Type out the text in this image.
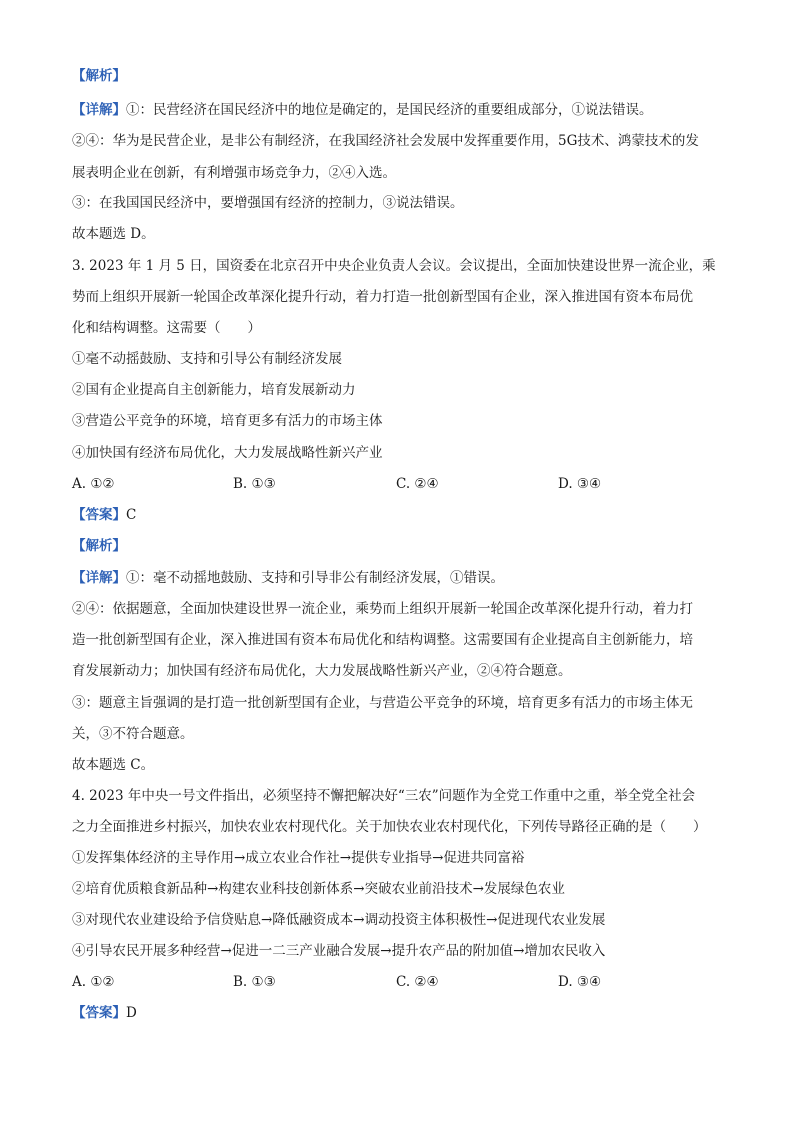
【解析】
【详解】①：民营经济在国民经济中的地位是确定的，是国民经济的重要组成部分，①说法错误。
②④：华为是民营企业，是非公有制经济，在我国经济社会发展中发挥重要作用，5G技术、鸿蒙技术的发
展表明企业在创新，有利增强市场竞争力，②④入选。
③：在我国国民经济中，要增强国有经济的控制力，③说法错误。
故本题选 D。
3. 2023 年 1 月 5 日，国资委在北京召开中央企业负责人会议。会议提出，全面加快建设世界一流企业，乘
势而上组织开展新一轮国企改革深化提升行动，着力打造一批创新型国有企业，深入推进国有资本布局优
化和结构调整。这需要（　　）
①毫不动摇鼓励、支持和引导公有制经济发展
②国有企业提高自主创新能力，培育发展新动力
③营造公平竞争的环境，培育更多有活力的市场主体
④加快国有经济布局优化，大力发展战略性新兴产业
A. ①②	B. ①③	C. ②④	D. ③④
【答案】C
【解析】
【详解】①：毫不动摇地鼓励、支持和引导非公有制经济发展，①错误。
②④：依据题意，全面加快建设世界一流企业，乘势而上组织开展新一轮国企改革深化提升行动，着力打
造一批创新型国有企业，深入推进国有资本布局优化和结构调整。这需要国有企业提高自主创新能力，培
育发展新动力；加快国有经济布局优化，大力发展战略性新兴产业，②④符合题意。
③：题意主旨强调的是打造一批创新型国有企业，与营造公平竞争的环境，培育更多有活力的市场主体无
关，③不符合题意。
故本题选 C。
4. 2023 年中央一号文件指出，必须坚持不懈把解决好“三农”问题作为全党工作重中之重，举全党全社会
之力全面推进乡村振兴，加快农业农村现代化。关于加快农业农村现代化，下列传导路径正确的是（　　）
①发挥集体经济的主导作用→成立农业合作社→提供专业指导→促进共同富裕
②培育优质粮食新品种→构建农业科技创新体系→突破农业前沿技术→发展绿色农业
③对现代农业建设给予信贷贴息→降低融资成本→调动投资主体积极性→促进现代农业发展
④引导农民开展多种经营→促进一二三产业融合发展→提升农产品的附加值→增加农民收入
A. ①②	B. ①③	C. ②④	D. ③④
【答案】D
